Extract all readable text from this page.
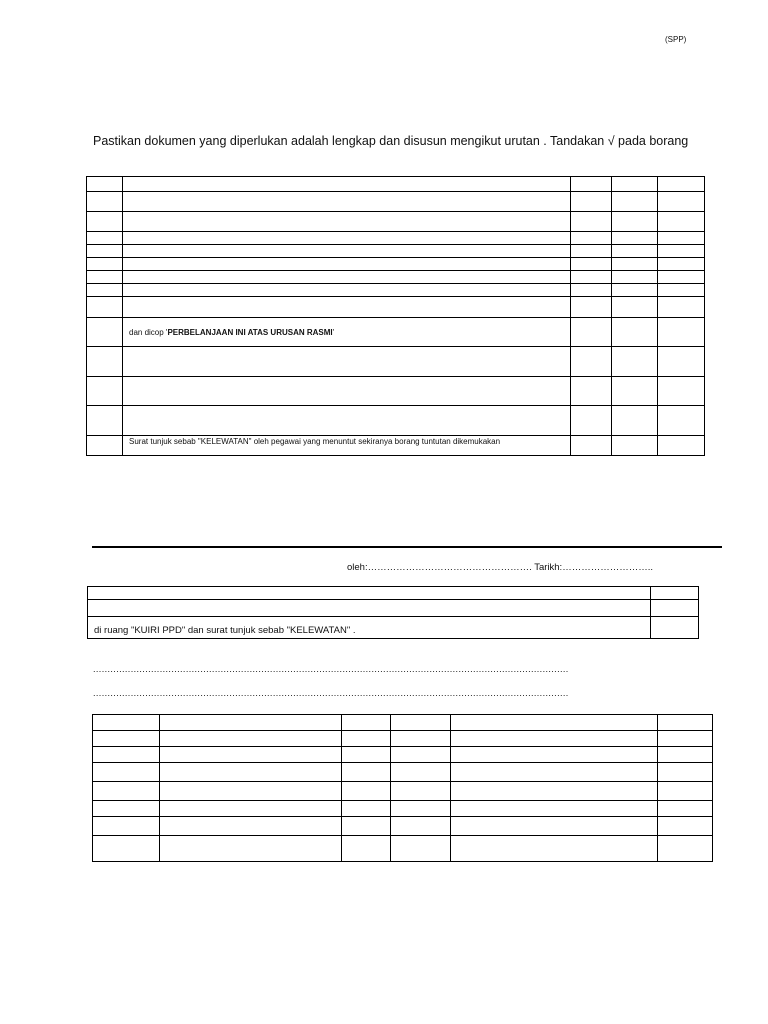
(SPP)
Pastikan dokumen yang diperlukan adalah lengkap dan disusun mengikut urutan . Tandakan √ pada borang

	dan dicop 'PERBELANJAAN INI ATAS URUSAN RASMI'			

	Surat tunjuk sebab "KELEWATAN" oleh pegawai yang menuntut sekiranya borang tuntutan dikemukakan			
oleh:……………………………………………. Tarikh:………………………..

di ruang "KUIRI PPD" dan surat tunjuk sebab "KELEWATAN" .	
....................................................................................................................................................................
....................................................................................................................................................................
